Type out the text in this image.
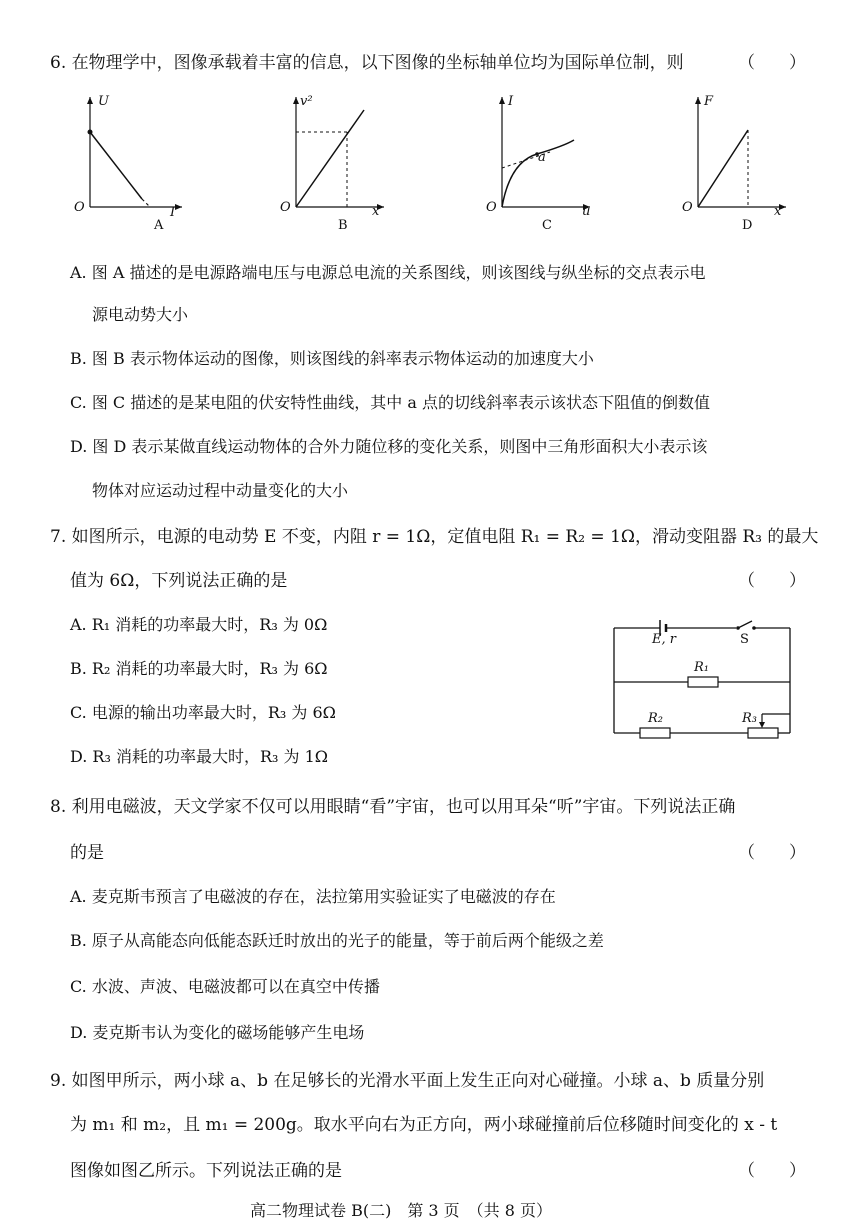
6. 在物理学中，图像承载着丰富的信息，以下图像的坐标轴单位均为国际单位制，则	（　　）
U
I
O
A
v²
x
O
B
I
u
O
a
C
F
x
O
D
A. 图 A 描述的是电源路端电压与电源总电流的关系图线，则该图线与纵坐标的交点表示电
源电动势大小
B. 图 B 表示物体运动的图像，则该图线的斜率表示物体运动的加速度大小
C. 图 C 描述的是某电阻的伏安特性曲线，其中 a 点的切线斜率表示该状态下阻值的倒数值
D. 图 D 表示某做直线运动物体的合外力随位移的变化关系，则图中三角形面积大小表示该
物体对应运动过程中动量变化的大小
7. 如图所示，电源的电动势 E 不变，内阻 r = 1Ω，定值电阻 R₁ = R₂ = 1Ω，滑动变阻器 R₃ 的最大
值为 6Ω，下列说法正确的是	（　　）
A. R₁ 消耗的功率最大时，R₃ 为 0Ω
B. R₂ 消耗的功率最大时，R₃ 为 6Ω
C. 电源的输出功率最大时，R₃ 为 6Ω
D. R₃ 消耗的功率最大时，R₃ 为 1Ω
E, r	S
R₁
R₂	R₃
8. 利用电磁波，天文学家不仅可以用眼睛“看”宇宙，也可以用耳朵“听”宇宙。下列说法正确
的是	（　　）
A. 麦克斯韦预言了电磁波的存在，法拉第用实验证实了电磁波的存在
B. 原子从高能态向低能态跃迁时放出的光子的能量，等于前后两个能级之差
C. 水波、声波、电磁波都可以在真空中传播
D. 麦克斯韦认为变化的磁场能够产生电场
9. 如图甲所示，两小球 a、b 在足够长的光滑水平面上发生正向对心碰撞。小球 a、b 质量分别
为 m₁ 和 m₂，且 m₁ = 200g。取水平向右为正方向，两小球碰撞前后位移随时间变化的 x - t
图像如图乙所示。下列说法正确的是	（　　）
高二物理试卷 B(二)　第 3 页　（共 8 页）
